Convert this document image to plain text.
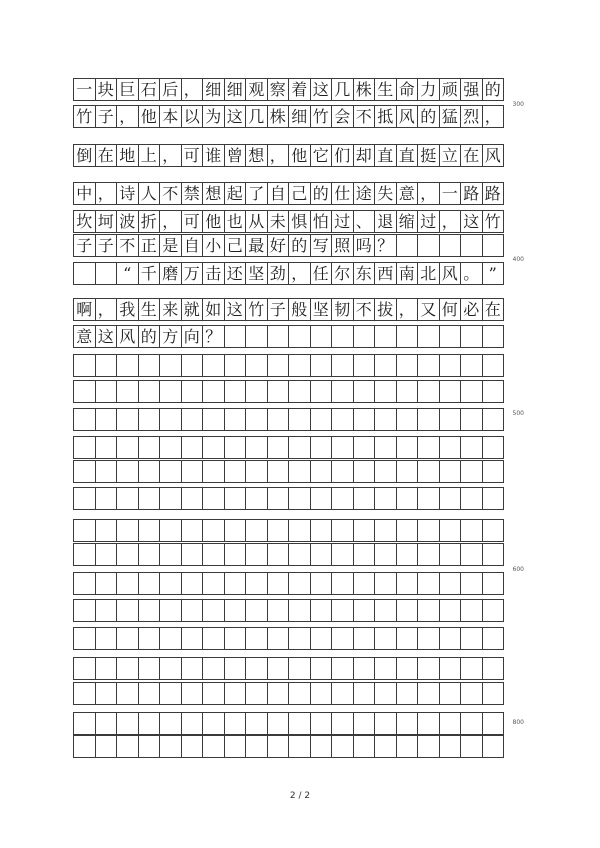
一 块 巨 石 后 ， 细 细 观 察 着 这 几 株 生 命 力 顽 强 的
竹 子 ， 他 本 以 为 这 几 株 细 竹 会 不 抵 风 的 猛 烈 ，
倒 在 地 上 ， 可 谁 曾 想 ， 他 它 们 却 直 直 挺 立 在 风
中 ， 诗 人 不 禁 想 起 了 自 己 的 仕 途 失 意 ， 一 路 路
坎 坷 波 折 ， 可 他 也 从 未 惧 怕 过 、 退 缩 过 ， 这 竹
子 子 不 正 是 自 小 己 最 好 的 写 照 吗 ？
“ 千 磨 万 击 还 坚 劲 ， 任 尔 东 西 南 北 风 。 ”
啊 ， 我 生 来 就 如 这 竹 子 般 坚 韧 不 拔 ， 又 何 必 在
意 这 风 的 方 向 ？
300
400
500
600
800
2 / 2
